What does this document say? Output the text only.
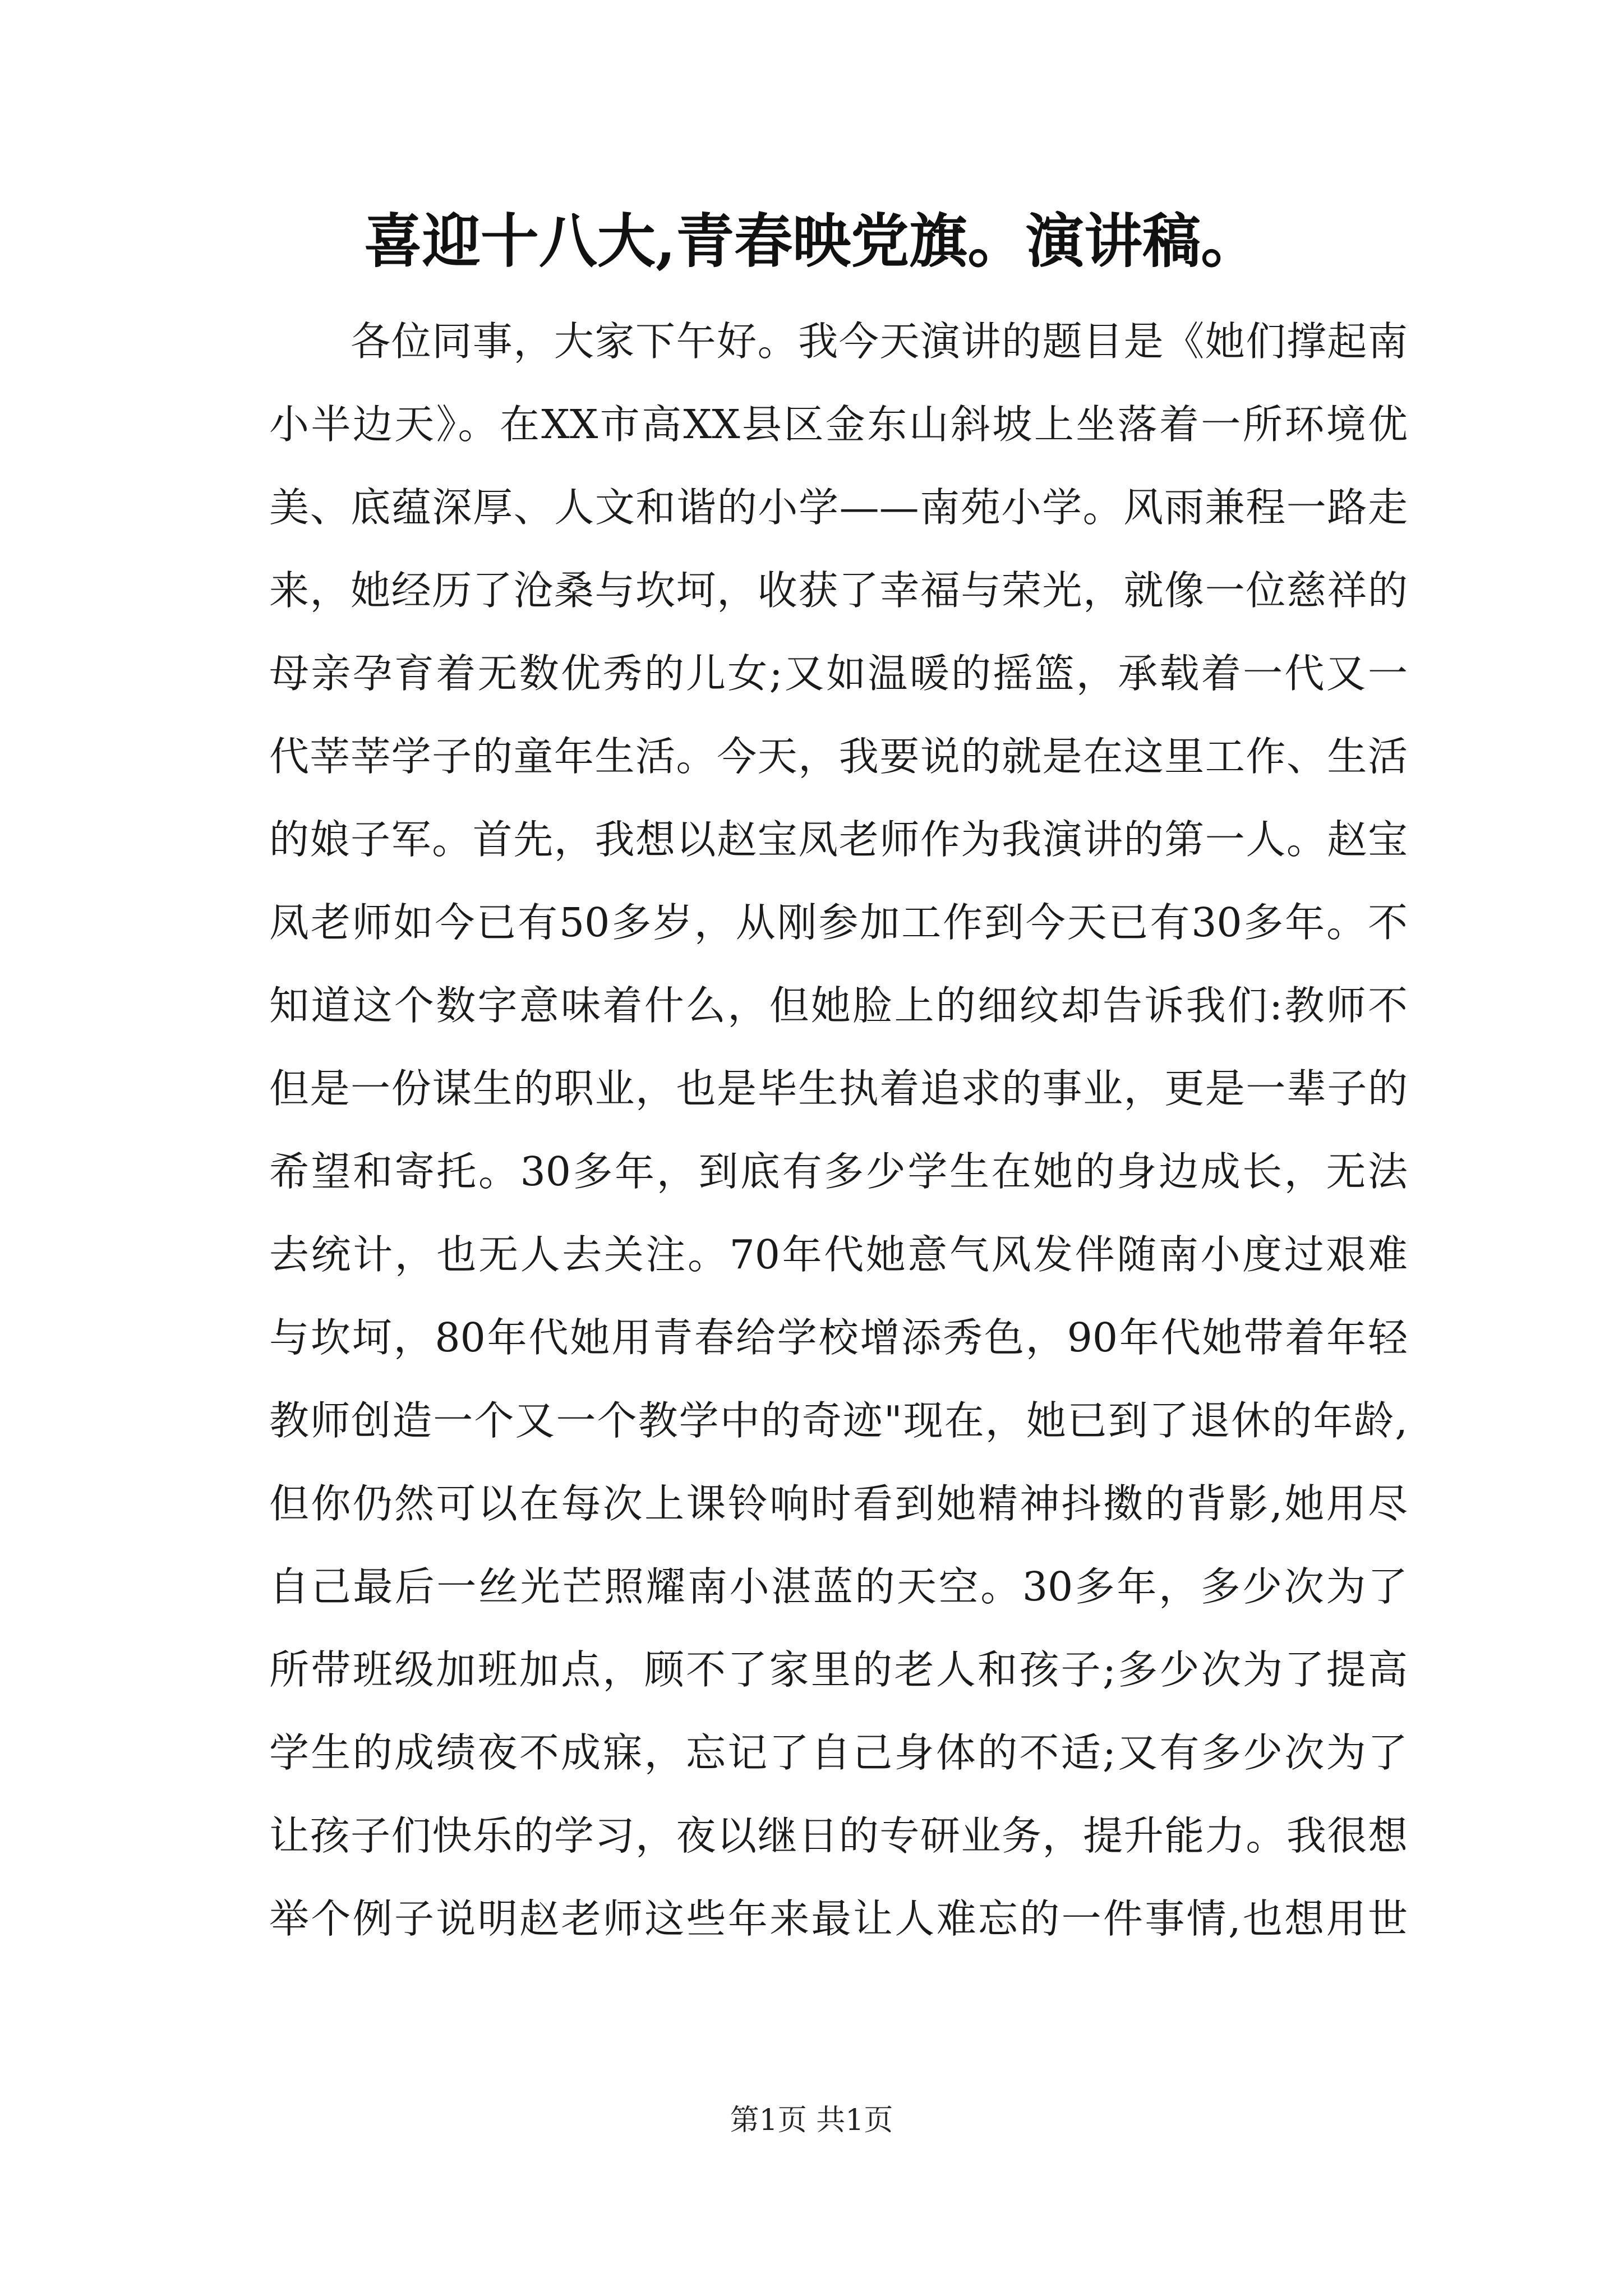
喜迎十八大,青春映党旗。演讲稿。
　　各位同事，大家下午好。我今天演讲的题目是《她们撑起南
小半边天》。在XX市高XX县区金东山斜坡上坐落着一所环境优
美、底蕴深厚、人文和谐的小学——南苑小学。风雨兼程一路走
来，她经历了沧桑与坎坷，收获了幸福与荣光，就像一位慈祥的
母亲孕育着无数优秀的儿女;又如温暖的摇篮，承载着一代又一
代莘莘学子的童年生活。今天，我要说的就是在这里工作、生活
的娘子军。首先，我想以赵宝凤老师作为我演讲的第一人。赵宝
凤老师如今已有50多岁，从刚参加工作到今天已有30多年。不
知道这个数字意味着什么，但她脸上的细纹却告诉我们:教师不
但是一份谋生的职业，也是毕生执着追求的事业，更是一辈子的
希望和寄托。30多年，到底有多少学生在她的身边成长，无法
去统计，也无人去关注。70年代她意气风发伴随南小度过艰难
与坎坷，80年代她用青春给学校增添秀色，90年代她带着年轻
教师创造一个又一个教学中的奇迹"现在，她已到了退休的年龄,
但你仍然可以在每次上课铃响时看到她精神抖擞的背影,她用尽
自己最后一丝光芒照耀南小湛蓝的天空。30多年，多少次为了
所带班级加班加点，顾不了家里的老人和孩子;多少次为了提高
学生的成绩夜不成寐，忘记了自己身体的不适;又有多少次为了
让孩子们快乐的学习，夜以继日的专研业务，提升能力。我很想
举个例子说明赵老师这些年来最让人难忘的一件事情,也想用世
第1页 共1页
